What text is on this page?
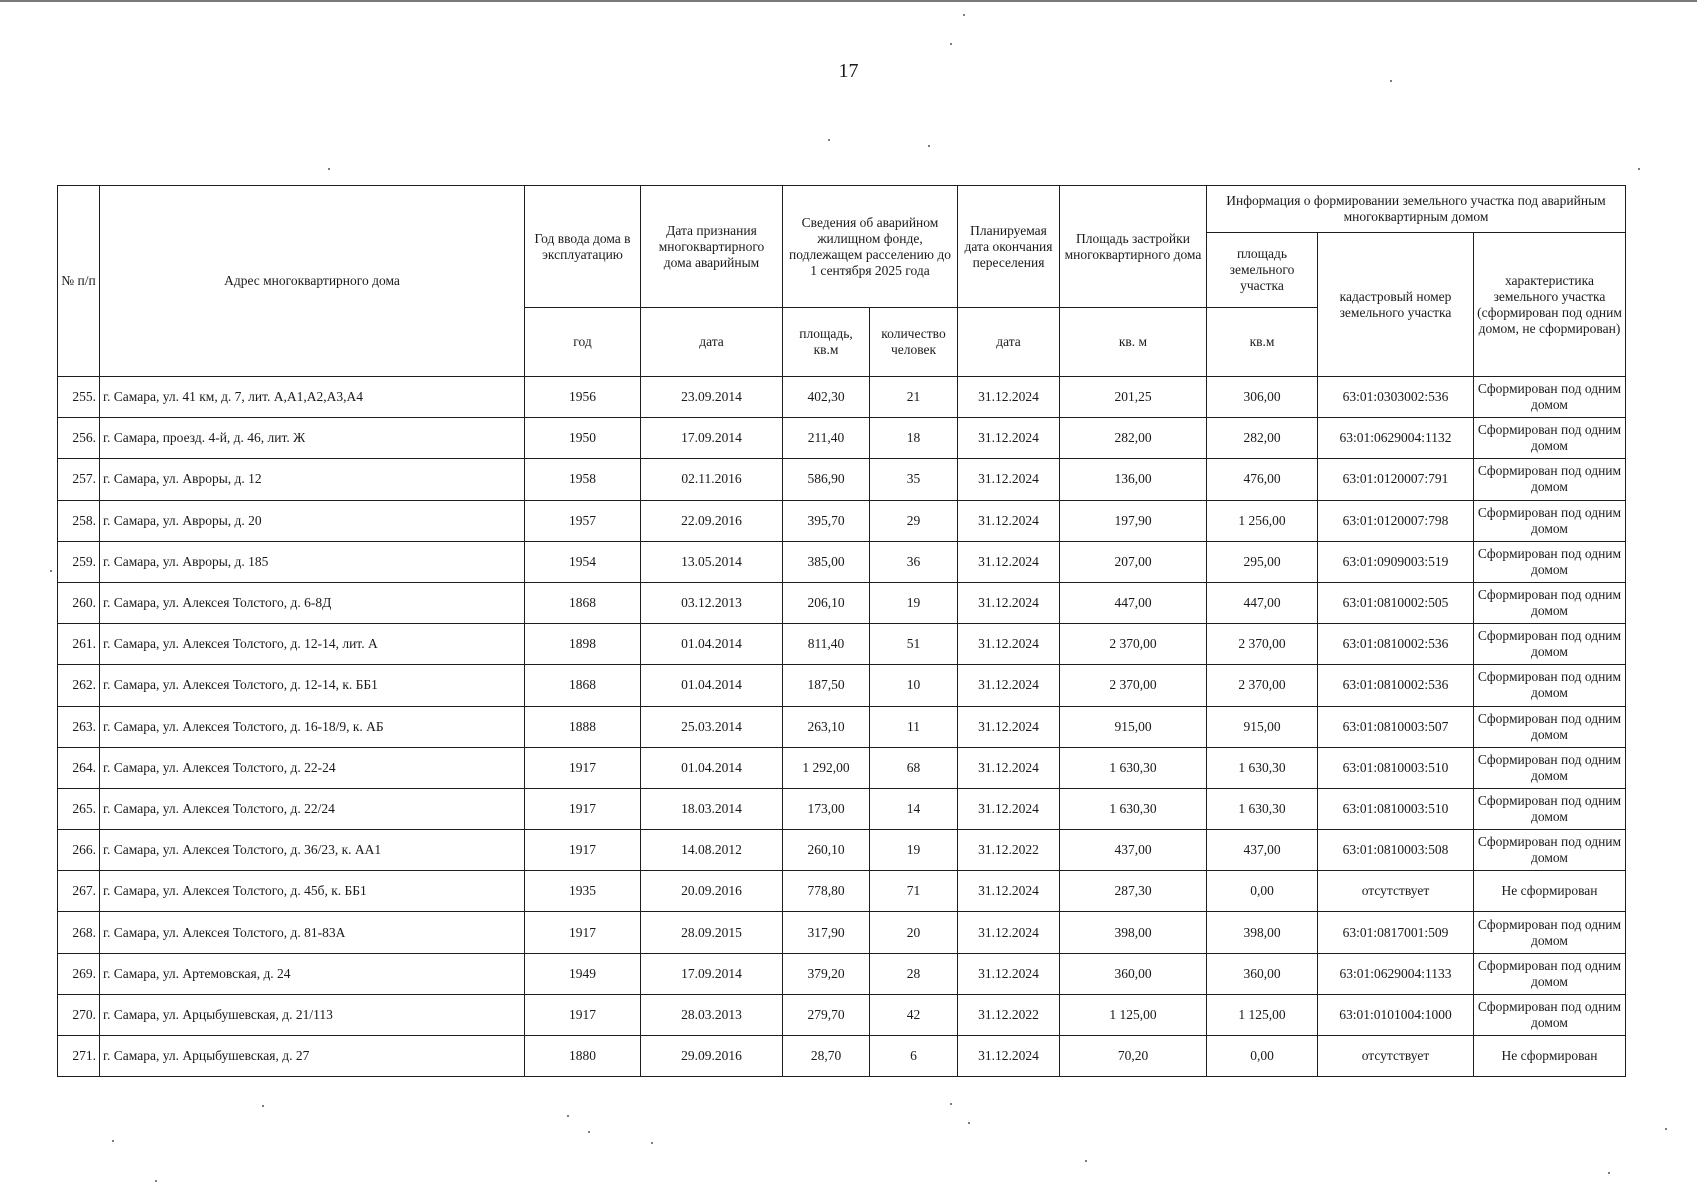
17
№ п/п	Адрес многоквартирного дома	Год ввода дома в эксплуатацию	Дата признания многоквартирного дома аварийным	Сведения об аварийном жилищном фонде, подлежащем расселению до 1 сентября 2025 года		Планируемая дата окончания переселения	Площадь застройки многоквартирного дома	Информация о формировании земельного участка под аварийным многоквартирным домом		
								площадь земельного участка	кадастровый номер земельного участка	характеристика земельного участка (сформирован под одним домом, не сформирован)
		год	дата	площадь, кв.м	количество человек	дата	кв. м	кв.м		
255.	г. Самара, ул. 41 км, д. 7, лит. А,А1,А2,А3,А4	1956	23.09.2014	402,30	21	31.12.2024	201,25	306,00	63:01:0303002:536	Сформирован под одним домом
256.	г. Самара, проезд. 4-й, д. 46, лит. Ж	1950	17.09.2014	211,40	18	31.12.2024	282,00	282,00	63:01:0629004:1132	Сформирован под одним домом
257.	г. Самара, ул. Авроры, д. 12	1958	02.11.2016	586,90	35	31.12.2024	136,00	476,00	63:01:0120007:791	Сформирован под одним домом
258.	г. Самара, ул. Авроры, д. 20	1957	22.09.2016	395,70	29	31.12.2024	197,90	1 256,00	63:01:0120007:798	Сформирован под одним домом
259.	г. Самара, ул. Авроры, д. 185	1954	13.05.2014	385,00	36	31.12.2024	207,00	295,00	63:01:0909003:519	Сформирован под одним домом
260.	г. Самара, ул. Алексея Толстого, д. 6-8Д	1868	03.12.2013	206,10	19	31.12.2024	447,00	447,00	63:01:0810002:505	Сформирован под одним домом
261.	г. Самара, ул. Алексея Толстого, д. 12-14, лит. А	1898	01.04.2014	811,40	51	31.12.2024	2 370,00	2 370,00	63:01:0810002:536	Сформирован под одним домом
262.	г. Самара, ул. Алексея Толстого, д. 12-14, к. ББ1	1868	01.04.2014	187,50	10	31.12.2024	2 370,00	2 370,00	63:01:0810002:536	Сформирован под одним домом
263.	г. Самара, ул. Алексея Толстого, д. 16-18/9, к. АБ	1888	25.03.2014	263,10	11	31.12.2024	915,00	915,00	63:01:0810003:507	Сформирован под одним домом
264.	г. Самара, ул. Алексея Толстого, д. 22-24	1917	01.04.2014	1 292,00	68	31.12.2024	1 630,30	1 630,30	63:01:0810003:510	Сформирован под одним домом
265.	г. Самара, ул. Алексея Толстого, д. 22/24	1917	18.03.2014	173,00	14	31.12.2024	1 630,30	1 630,30	63:01:0810003:510	Сформирован под одним домом
266.	г. Самара, ул. Алексея Толстого, д. 36/23, к. АА1	1917	14.08.2012	260,10	19	31.12.2022	437,00	437,00	63:01:0810003:508	Сформирован под одним домом
267.	г. Самара, ул. Алексея Толстого, д. 45б, к. ББ1	1935	20.09.2016	778,80	71	31.12.2024	287,30	0,00	отсутствует	Не сформирован
268.	г. Самара, ул. Алексея Толстого, д. 81-83А	1917	28.09.2015	317,90	20	31.12.2024	398,00	398,00	63:01:0817001:509	Сформирован под одним домом
269.	г. Самара, ул. Артемовская, д. 24	1949	17.09.2014	379,20	28	31.12.2024	360,00	360,00	63:01:0629004:1133	Сформирован под одним домом
270.	г. Самара, ул. Арцыбушевская, д. 21/113	1917	28.03.2013	279,70	42	31.12.2022	1 125,00	1 125,00	63:01:0101004:1000	Сформирован под одним домом
271.	г. Самара, ул. Арцыбушевская, д. 27	1880	29.09.2016	28,70	6	31.12.2024	70,20	0,00	отсутствует	Не сформирован
